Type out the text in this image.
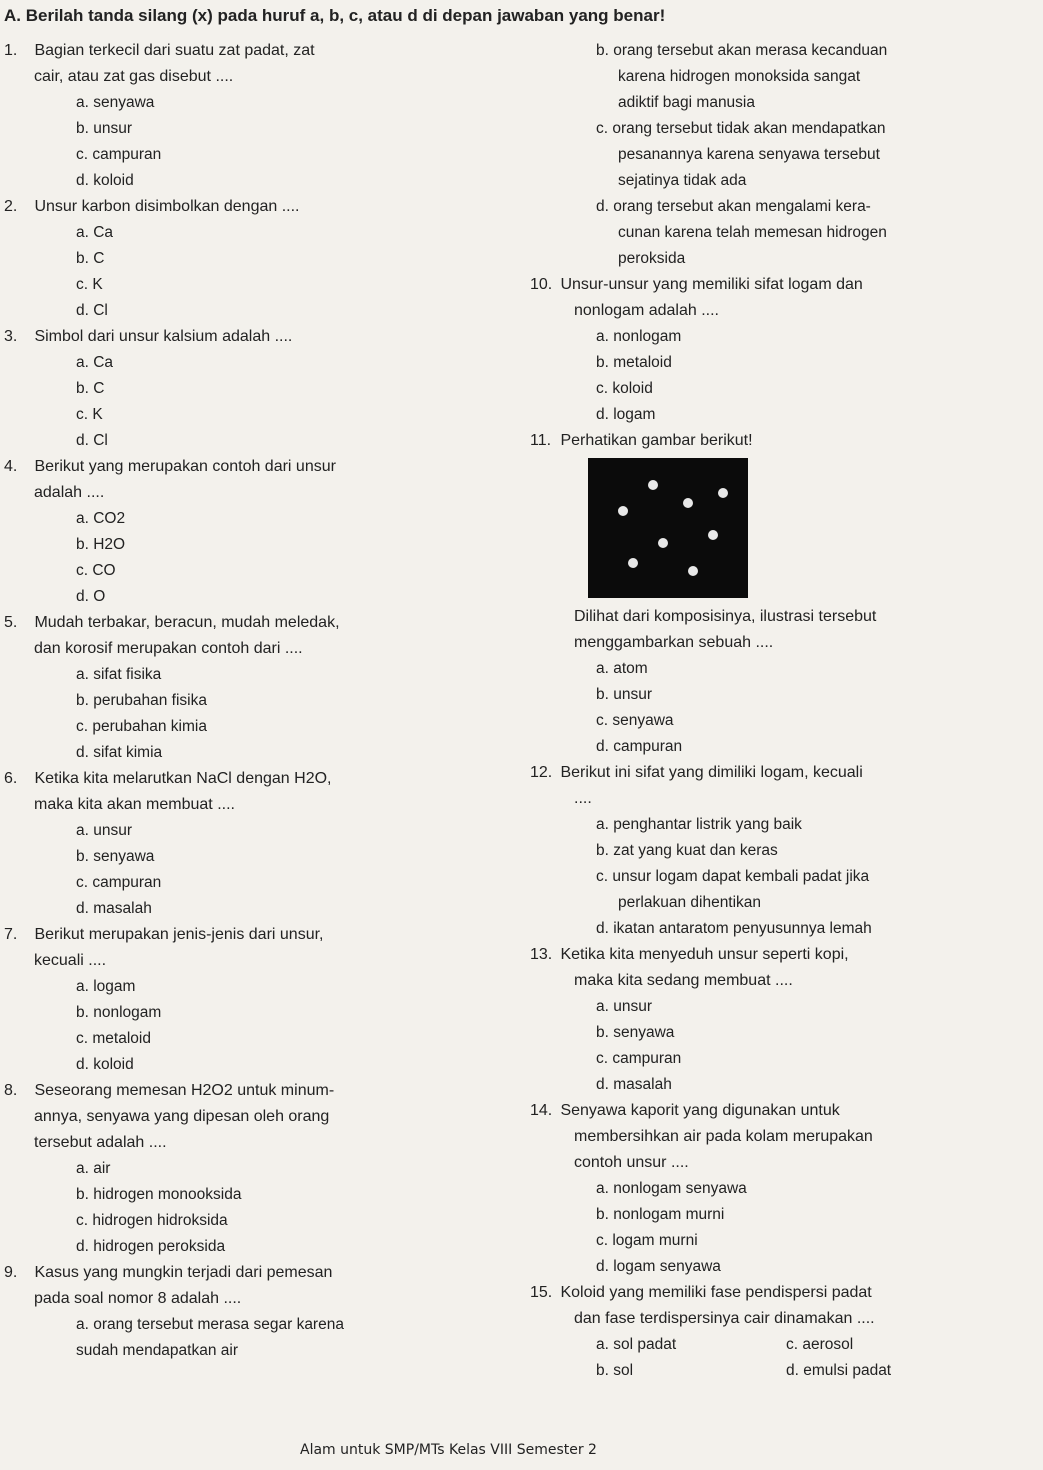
A. Berilah tanda silang (x) pada huruf a, b, c, atau d di depan jawaban yang benar!
1. Bagian terkecil dari suatu zat padat, zat
cair, atau zat gas disebut ....
a. senyawa
b. unsur
c. campuran
d. koloid
2. Unsur karbon disimbolkan dengan ....
a. Ca
b. C
c. K
d. Cl
3. Simbol dari unsur kalsium adalah ....
a. Ca
b. C
c. K
d. Cl
4. Berikut yang merupakan contoh dari unsur
adalah ....
a. CO2
b. H2O
c. CO
d. O
5. Mudah terbakar, beracun, mudah meledak,
dan korosif merupakan contoh dari ....
a. sifat fisika
b. perubahan fisika
c. perubahan kimia
d. sifat kimia
6. Ketika kita melarutkan NaCl dengan H2O,
maka kita akan membuat ....
a. unsur
b. senyawa
c. campuran
d. masalah
7. Berikut merupakan jenis-jenis dari unsur,
kecuali ....
a. logam
b. nonlogam
c. metaloid
d. koloid
8. Seseorang memesan H2O2 untuk minum-
annya, senyawa yang dipesan oleh orang
tersebut adalah ....
a. air
b. hidrogen monooksida
c. hidrogen hidroksida
d. hidrogen peroksida
9. Kasus yang mungkin terjadi dari pemesan
pada soal nomor 8 adalah ....
a. orang tersebut merasa segar karena
sudah mendapatkan air
b. orang tersebut akan merasa kecanduan
karena hidrogen monoksida sangat
adiktif bagi manusia
c. orang tersebut tidak akan mendapatkan
pesanannya karena senyawa tersebut
sejatinya tidak ada
d. orang tersebut akan mengalami kera-
cunan karena telah memesan hidrogen
peroksida
10. Unsur-unsur yang memiliki sifat logam dan
nonlogam adalah ....
a. nonlogam
b. metaloid
c. koloid
d. logam
11. Perhatikan gambar berikut!
Dilihat dari komposisinya, ilustrasi tersebut
menggambarkan sebuah ....
a. atom
b. unsur
c. senyawa
d. campuran
12. Berikut ini sifat yang dimiliki logam, kecuali
....
a. penghantar listrik yang baik
b. zat yang kuat dan keras
c. unsur logam dapat kembali padat jika
perlakuan dihentikan
d. ikatan antaratom penyusunnya lemah
13. Ketika kita menyeduh unsur seperti kopi,
maka kita sedang membuat ....
a. unsur
b. senyawa
c. campuran
d. masalah
14. Senyawa kaporit yang digunakan untuk
membersihkan air pada kolam merupakan
contoh unsur ....
a. nonlogam senyawa
b. nonlogam murni
c. logam murni
d. logam senyawa
15. Koloid yang memiliki fase pendispersi padat
dan fase terdispersinya cair dinamakan ....
a. sol padat	c. aerosol
b. sol	d. emulsi padat
Alam untuk SMP/MTs Kelas VIII Semester 2
